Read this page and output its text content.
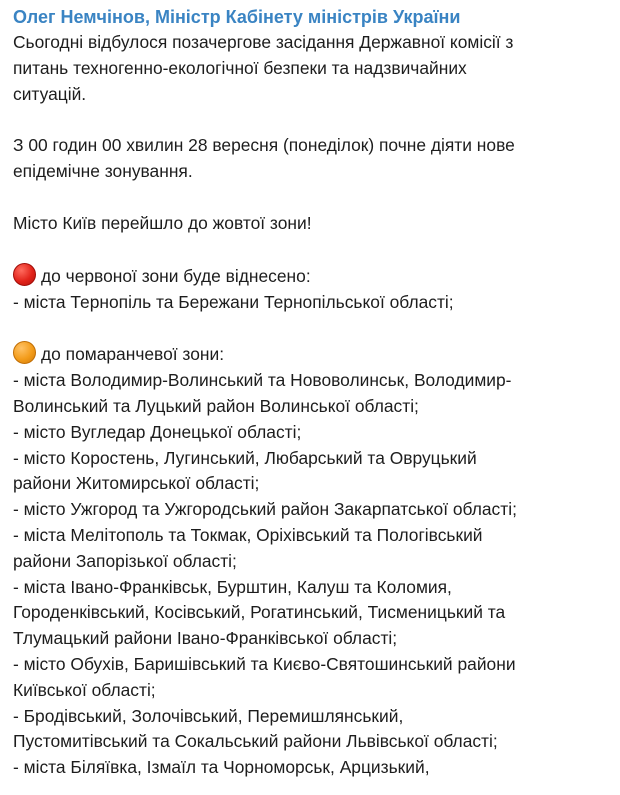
Олег Немчінов, Міністр Кабінету міністрів України

Сьогодні відбулося позачергове засідання Державної комісії з
питань техногенно-екологічної безпеки та надзвичайних
ситуацій.

З 00 годин 00 хвилин 28 вересня (понеділок) почне діяти нове
епідемічне зонування.

Місто Київ перейшло до жовтої зони!

до червоної зони буде віднесено:
- міста Тернопіль та Бережани Тернопільської області;

до помаранчевої зони:
- міста Володимир-Волинський та Нововолинськ, Володимир-
Волинський та Луцький район Волинської області;
- місто Вугледар Донецької області;
- місто Коростень, Лугинський, Любарський та Овруцький
райони Житомирської області;
- місто Ужгород та Ужгородський район Закарпатської області;
- міста Мелітополь та Токмак, Оріхівський та Пологівський
райони Запорізької області;
- міста Івано-Франківськ, Бурштин, Калуш та Коломия,
Городенківський, Косівський, Рогатинський, Тисменицький та
Тлумацький райони Івано-Франківської області;
- місто Обухів, Баришівський та Києво-Святошинський райони
Київської області;
- Бродівський, Золочівський, Перемишлянський,
Пустомитівський та Сокальський райони Львівської області;
- міста Біляївка, Ізмаїл та Чорноморськ, Арцизький,
